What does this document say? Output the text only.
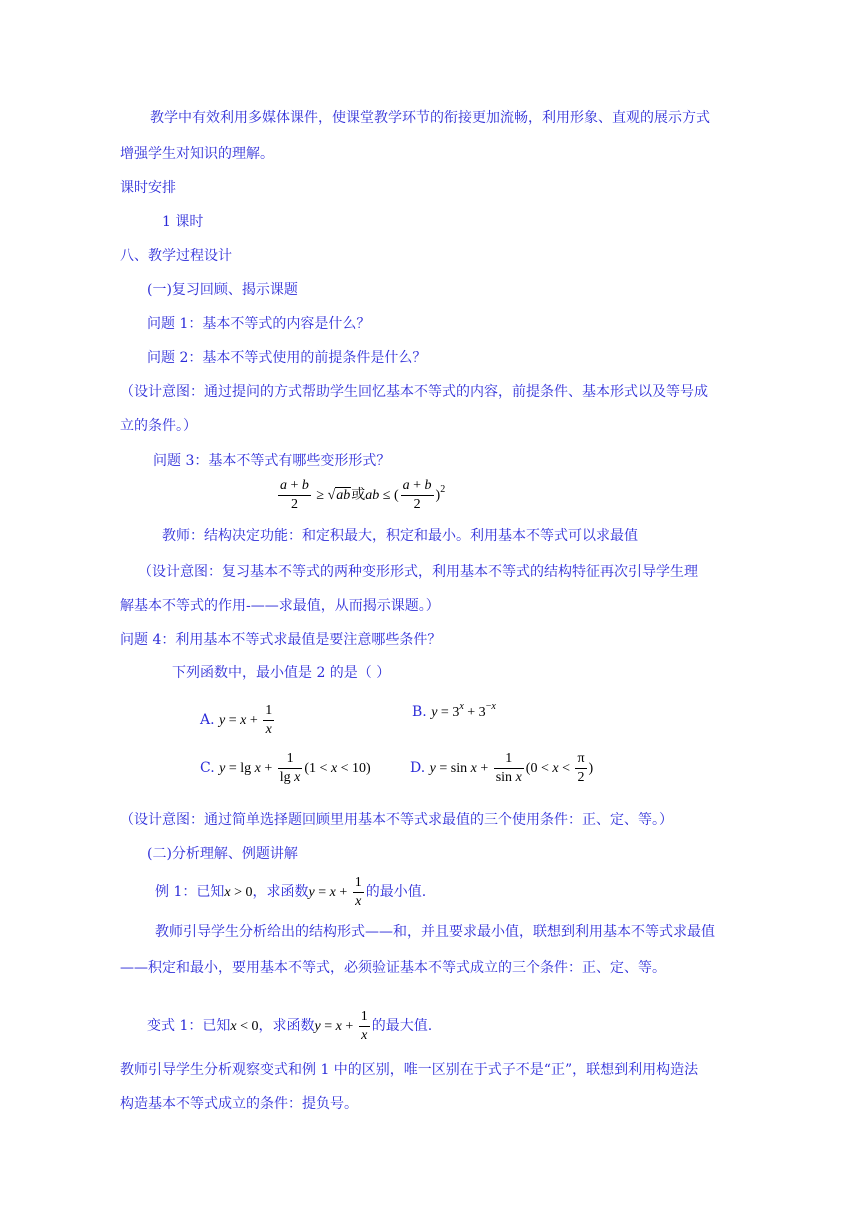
教学中有效利用多媒体课件，使课堂教学环节的衔接更加流畅，利用形象、直观的展示方式
增强学生对知识的理解。
课时安排
1 课时
八、教学过程设计
(一)复习回顾、揭示课题
问题 1：基本不等式的内容是什么？
问题 2：基本不等式使用的前提条件是什么？
（设计意图：通过提问的方式帮助学生回忆基本不等式的内容，前提条件、基本形式以及等号成
立的条件。）
问题 3：基本不等式有哪些变形形式？
$\frac{a + b}{2} \ge √ab$或ab ≤ ( $\frac{a + b}{2} )^2$
教师：结构决定功能：和定积最大，积定和最小。利用基本不等式可以求最值
（设计意图：复习基本不等式的两种变形形式，利用基本不等式的结构特征再次引导学生理
解基本不等式的作用-——求最值，从而揭示课题。）
问题 4：利用基本不等式求最值是要注意哪些条件？
下列函数中，最小值是 2 的是（ ）
A. $y = x + \frac{1}{x}$	B. $y = 3^x + 3^{-x}$
C. $y = \lg x + \frac{1}{\text{lg x}} (1 < x < 10)$	D. $y = \sin x + \frac{1}{\text{sin x}} (0 < x < \frac{\pi}{2}$ )
（设计意图：通过简单选择题回顾里用基本不等式求最值的三个使用条件：正、定、等。）
(二)分析理解、例题讲解
例 1：已知x > 0，求函数$y = x + \frac{1}{x}$ 的最小值.
教师引导学生分析给出的结构形式——和，并且要求最小值，联想到利用基本不等式求最值
——积定和最小，要用基本不等式，必须验证基本不等式成立的三个条件：正、定、等。
变式 1：已知x < 0，求函数$y = x + \frac{1}{x}$ 的最大值.
教师引导学生分析观察变式和例 1 中的区别，唯一区别在于式子不是“正”，联想到利用构造法
构造基本不等式成立的条件：提负号。
